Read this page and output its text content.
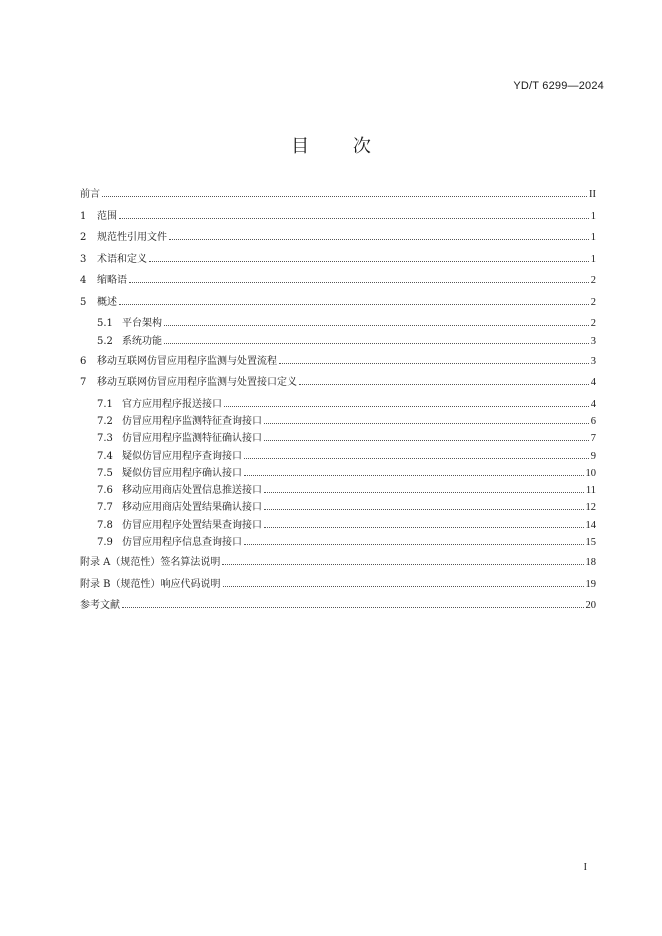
YD/T 6299—2024
目 次
前言	II
1	范围	1
2	规范性引用文件	1
3	术语和定义	1
4	缩略语	2
5	概述	2
5.1 平台架构	2
5.2 系统功能	3
6	移动互联网仿冒应用程序监测与处置流程	3
7	移动互联网仿冒应用程序监测与处置接口定义	4
7.1 官方应用程序报送接口	4
7.2 仿冒应用程序监测特征查询接口	6
7.3 仿冒应用程序监测特征确认接口	7
7.4 疑似仿冒应用程序查询接口	9
7.5 疑似仿冒应用程序确认接口	10
7.6 移动应用商店处置信息推送接口	11
7.7 移动应用商店处置结果确认接口	12
7.8 仿冒应用程序处置结果查询接口	14
7.9 仿冒应用程序信息查询接口	15
附录 A（规范性）签名算法说明	18
附录 B（规范性）响应代码说明	19
参考文献	20
I
